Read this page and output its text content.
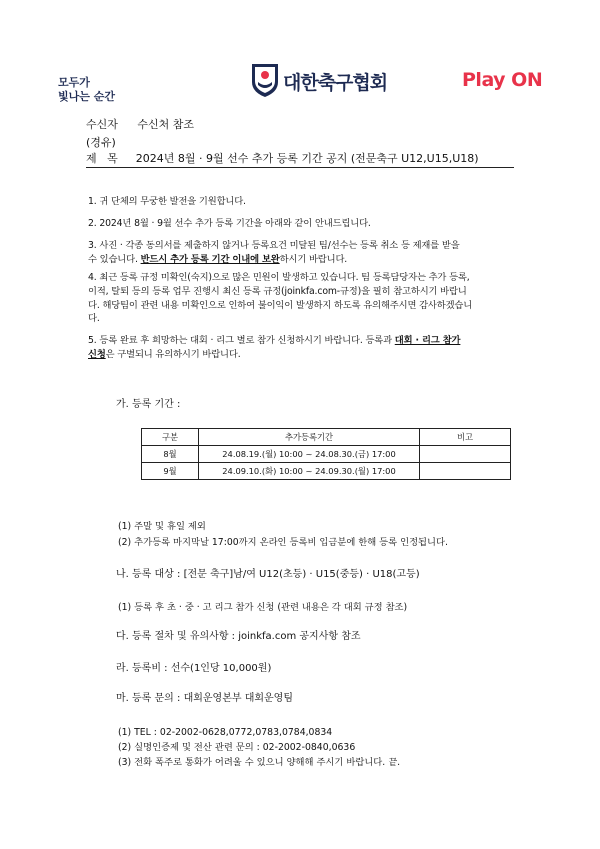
모두가
빛나는 순간
대한축구협회	Play ON
수신자 수신처 참조
(경유)
제   목 2024년 8월 · 9월 선수 추가 등록 기간 공지 (전문축구 U12,U15,U18)
1. 귀 단체의 무궁한 발전을 기원합니다.
2. 2024년 8월 · 9월 선수 추가 등록 기간을 아래와 같이 안내드립니다.
3. 사진 · 각종 동의서를 제출하지 않거나 등록요건 미달된 팀/선수는 등록 취소 등 제재를 받을
수 있습니다. 반드시 추가 등록 기간 이내에 보완하시기 바랍니다.
4. 최근 등록 규정 미확인(숙지)으로 많은 민원이 발생하고 있습니다. 팀 등록담당자는 추가 등록,
이적, 탈퇴 등의 등록 업무 진행시 최신 등록 규정(joinkfa.com-규정)을 필히 참고하시기 바랍니
다. 해당팀이 관련 내용 미확인으로 인하여 불이익이 발생하지 하도록 유의해주시면 감사하겠습니
다.
5. 등록 완료 후 희망하는 대회 · 리그 별로 참가 신청하시기 바랍니다. 등록과 대회 · 리그 참가
신청은 구별되니 유의하시기 바랍니다.
가. 등록 기간 :
구분	추가등록기간	비고
8월	24.08.19.(월) 10:00 ~ 24.08.30.(금) 17:00	
9월	24.09.10.(화) 10:00 ~ 24.09.30.(월) 17:00	
(1) 주말 및 휴일 제외
(2) 추가등록 마지막날 17:00까지 온라인 등록비 입금분에 한해 등록 인정됩니다.
나. 등록 대상 : [전문 축구]남/여 U12(초등) · U15(중등) · U18(고등)
(1) 등록 후 초 · 중 · 고 리그 참가 신청 (관련 내용은 각 대회 규정 참조)
다. 등록 절차 및 유의사항 : joinkfa.com 공지사항 참조
라. 등록비 : 선수(1인당 10,000원)
마. 등록 문의 : 대회운영본부 대회운영팀
(1) TEL : 02-2002-0628,0772,0783,0784,0834
(2) 실명인증제 및 전산 관련 문의 : 02-2002-0840,0636
(3) 전화 폭주로 통화가 어려울 수 있으니 양해해 주시기 바랍니다. 끝.
